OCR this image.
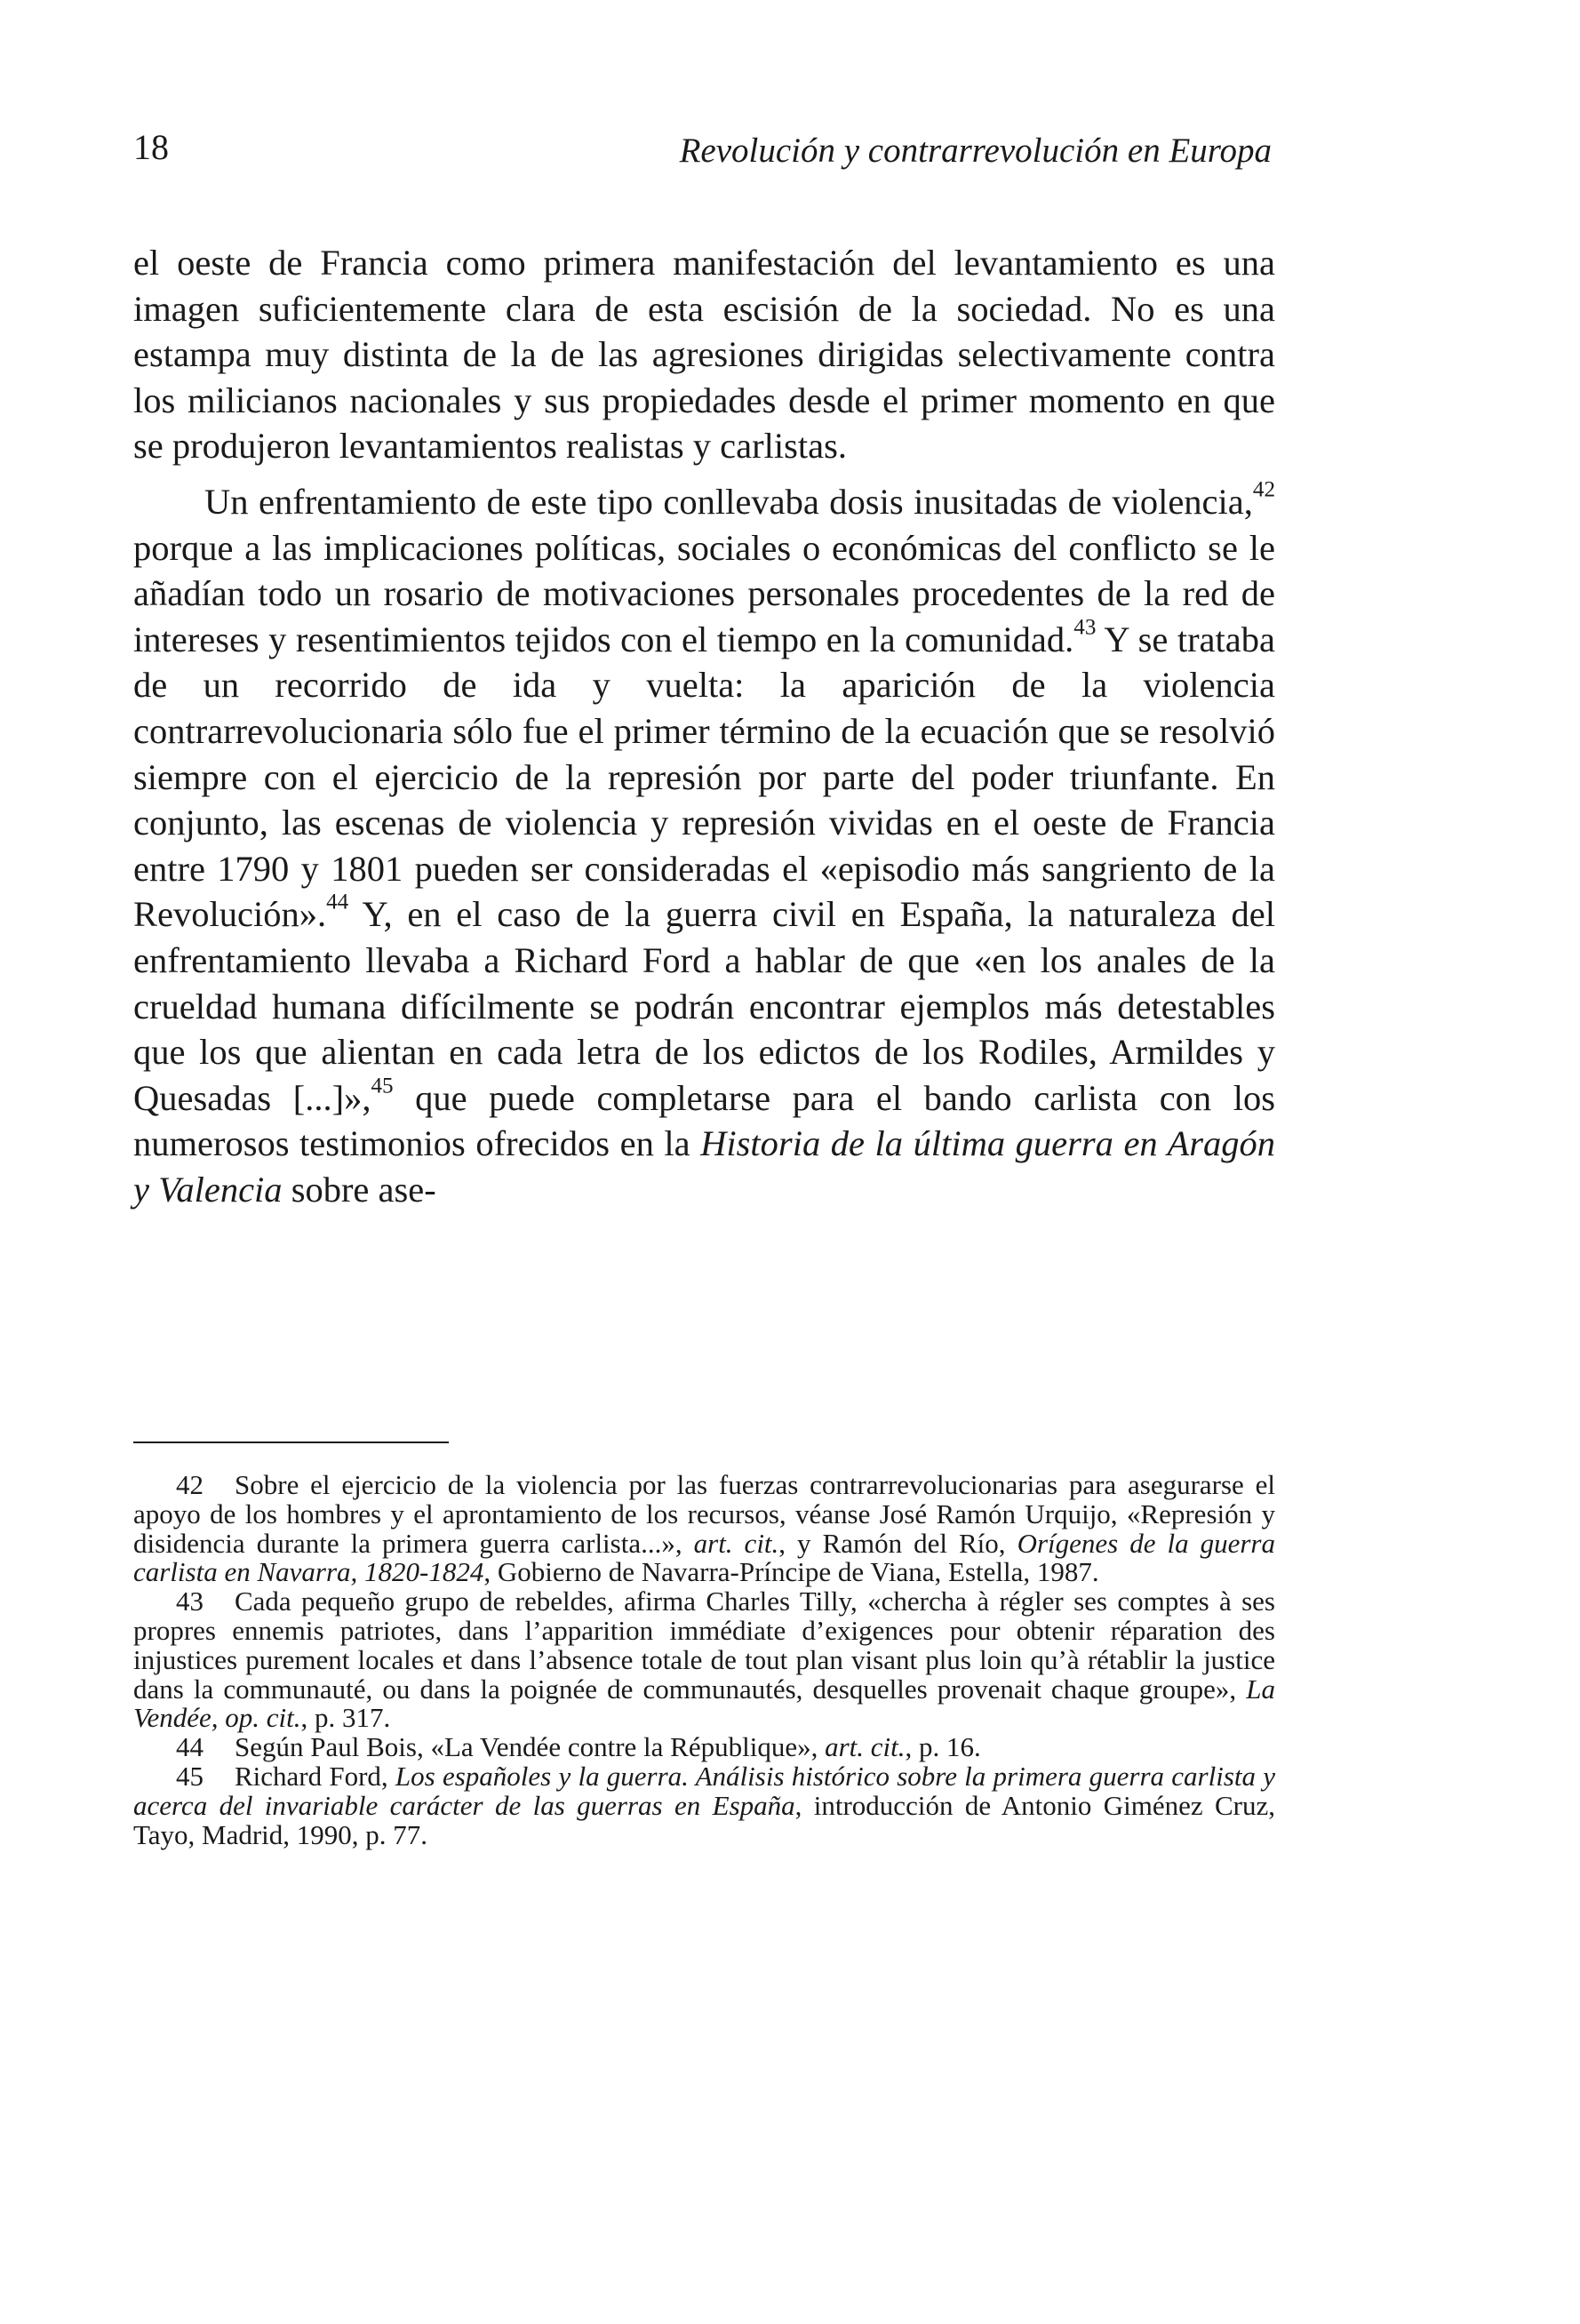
18	Revolución y contrarrevolución en Europa

el oeste de Francia como primera manifestación del levantamiento es una imagen suficientemente clara de esta escisión de la sociedad. No es una estampa muy distinta de la de las agresiones dirigidas selectivamente contra los milicianos nacionales y sus propiedades desde el primer momento en que se produjeron levantamientos realistas y carlistas.

Un enfrentamiento de este tipo conllevaba dosis inusitadas de violencia,$^{42}$ porque a las implicaciones políticas, sociales o económicas del conflicto se le añadían todo un rosario de motivaciones personales procedentes de la red de intereses y resentimientos tejidos con el tiempo en la comunidad.$^{43}$ Y se trataba de un recorrido de ida y vuelta: la aparición de la violencia contrarrevolucionaria sólo fue el primer término de la ecuación que se resolvió siempre con el ejercicio de la represión por parte del poder triunfante. En conjunto, las escenas de violencia y represión vividas en el oeste de Francia entre 1790 y 1801 pueden ser consideradas el «episodio más sangriento de la Revolución».$^{44}$ Y, en el caso de la guerra civil en España, la naturaleza del enfrentamiento llevaba a Richard Ford a hablar de que «en los anales de la crueldad humana difícilmente se podrán encontrar ejemplos más detestables que los que alientan en cada letra de los edictos de los Rodiles, Armildes y Quesadas [...]»,$^{45}$ que puede completarse para el bando carlista con los numerosos testimonios ofrecidos en la Historia de la última guerra en Aragón y Valencia sobre ase-

42 Sobre el ejercicio de la violencia por las fuerzas contrarrevolucionarias para asegurarse el apoyo de los hombres y el aprontamiento de los recursos, véanse José Ramón Urquijo, «Represión y disidencia durante la primera guerra carlista...», art. cit., y Ramón del Río, Orígenes de la guerra carlista en Navarra, 1820-1824, Gobierno de Navarra-Príncipe de Viana, Estella, 1987.

43 Cada pequeño grupo de rebeldes, afirma Charles Tilly, «chercha à régler ses comptes à ses propres ennemis patriotes, dans l’apparition immédiate d’exigences pour obtenir réparation des injustices purement locales et dans l’absence totale de tout plan visant plus loin qu’à rétablir la justice dans la communauté, ou dans la poignée de communautés, desquelles provenait chaque groupe», La Vendée, op. cit., p. 317.

44 Según Paul Bois, «La Vendée contre la République», art. cit., p. 16.

45 Richard Ford, Los españoles y la guerra. Análisis histórico sobre la primera guerra carlista y acerca del invariable carácter de las guerras en España, introducción de Antonio Giménez Cruz, Tayo, Madrid, 1990, p. 77.
